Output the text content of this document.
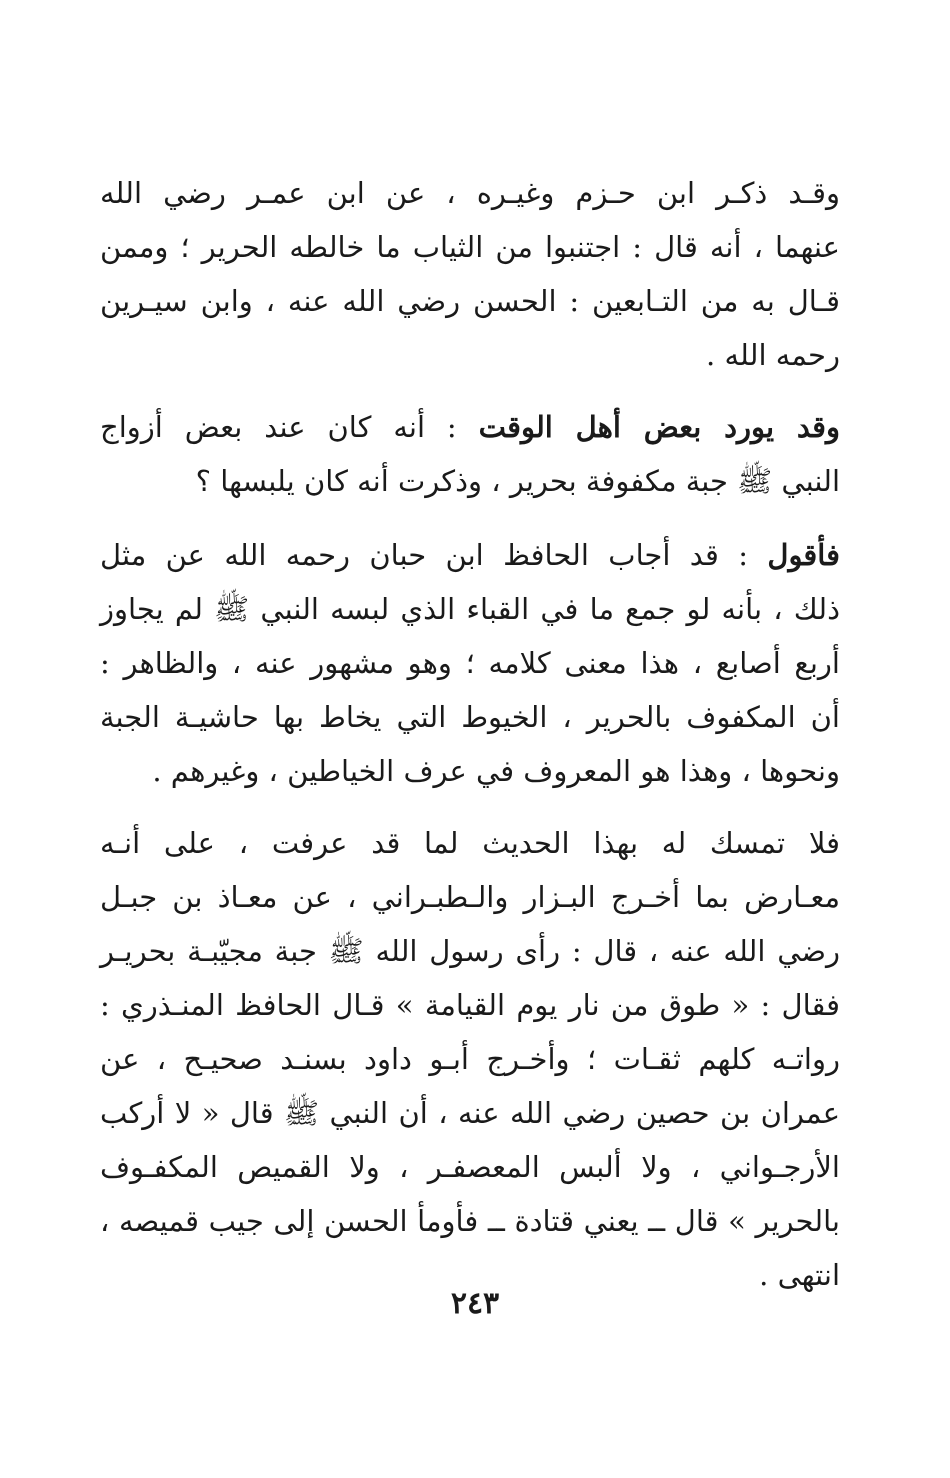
وقـد ذكـر ابن حـزم وغيـره ، عن ابن عمـر رضي الله
عنهما ، أنه قال : اجتنبوا من الثياب ما خالطه الحرير ؛ وممن
قـال به من التـابعين : الحسن رضي الله عنه ، وابن سيـرين
رحمه الله .
وقد يورد بعض أهل الوقت : أنه كان عند بعض أزواج
النبي ﷺ جبة مكفوفة بحرير ، وذكرت أنه كان يلبسها ؟
فأقول : قد أجاب الحافظ ابن حبان رحمه الله عن مثل
ذلك ، بأنه لو جمع ما في القباء الذي لبسه النبي ﷺ لم يجاوز
أربع أصابع ، هذا معنى كلامه ؛ وهو مشهور عنه ، والظاهر :
أن المكفوف بالحرير ، الخيوط التي يخاط بها حاشيـة الجبة
ونحوها ، وهذا هو المعروف في عرف الخياطين ، وغيرهم .
فلا تمسك له بهذا الحديث لما قد عرفت ، على أنـه
معـارض بما أخـرج البـزار والـطبـراني ، عن معـاذ بن جبـل
رضي الله عنه ، قال : رأى رسول الله ﷺ جبة مجيّبـة بحريـر
فقال : « طوق من نار يوم القيامة » قـال الحافظ المنـذري :
رواتـه كلهم ثقـات ؛ وأخـرج أبـو داود بسنـد صحيـح ، عن
عمران بن حصين رضي الله عنه ، أن النبي ﷺ قال « لا أركب
الأرجـواني ، ولا ألبس المعصفـر ، ولا القميص المكفـوف
بالحرير » قال ــ يعني قتادة ــ فأومأ الحسن إلى جيب قميصه ،
انتهى .
٢٤٣
